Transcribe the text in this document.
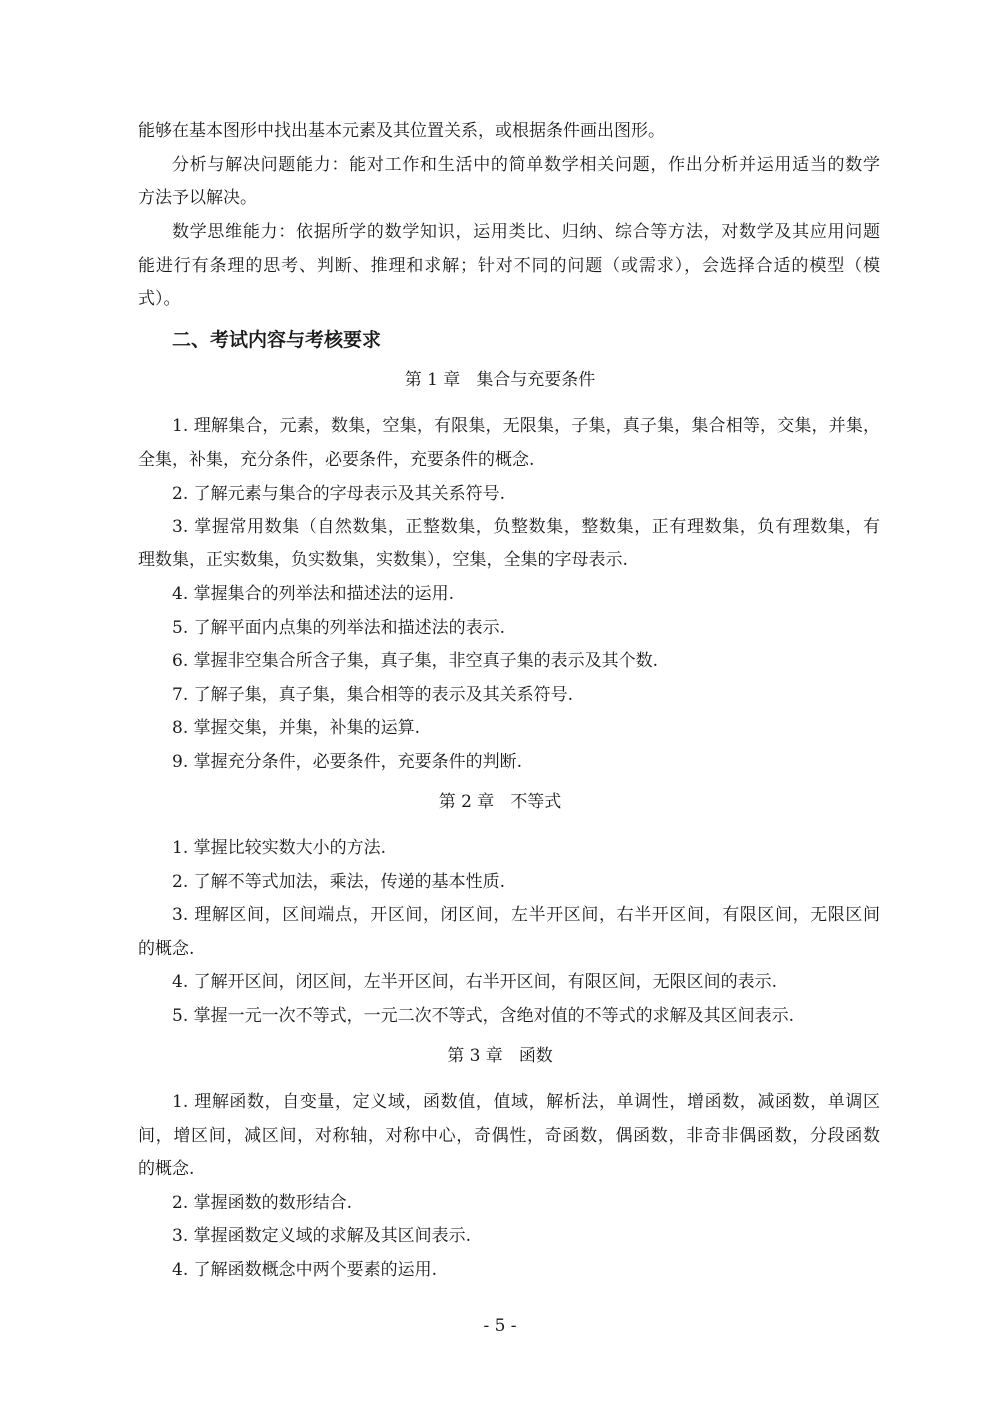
能够在基本图形中找出基本元素及其位置关系，或根据条件画出图形。
分析与解决问题能力：能对工作和生活中的简单数学相关问题，作出分析并运用适当的数学
方法予以解决。
数学思维能力：依据所学的数学知识，运用类比、归纳、综合等方法，对数学及其应用问题
能进行有条理的思考、判断、推理和求解；针对不同的问题（或需求），会选择合适的模型（模
式）。
二、考试内容与考核要求
第 1 章 集合与充要条件
1. 理解集合，元素，数集，空集，有限集，无限集，子集，真子集，集合相等，交集，并集，
全集，补集，充分条件，必要条件，充要条件的概念.
2. 了解元素与集合的字母表示及其关系符号.
3. 掌握常用数集（自然数集，正整数集，负整数集，整数集，正有理数集，负有理数集，有
理数集，正实数集，负实数集，实数集），空集，全集的字母表示.
4. 掌握集合的列举法和描述法的运用.
5. 了解平面内点集的列举法和描述法的表示.
6. 掌握非空集合所含子集，真子集，非空真子集的表示及其个数.
7. 了解子集，真子集，集合相等的表示及其关系符号.
8. 掌握交集，并集，补集的运算.
9. 掌握充分条件，必要条件，充要条件的判断.
第 2 章 不等式
1. 掌握比较实数大小的方法.
2. 了解不等式加法，乘法，传递的基本性质.
3. 理解区间，区间端点，开区间，闭区间，左半开区间，右半开区间，有限区间，无限区间
的概念.
4. 了解开区间，闭区间，左半开区间，右半开区间，有限区间，无限区间的表示.
5. 掌握一元一次不等式，一元二次不等式，含绝对值的不等式的求解及其区间表示.
第 3 章 函数
1. 理解函数，自变量，定义域，函数值，值域，解析法，单调性，增函数，减函数，单调区
间，增区间，减区间，对称轴，对称中心，奇偶性，奇函数，偶函数，非奇非偶函数，分段函数
的概念.
2. 掌握函数的数形结合.
3. 掌握函数定义域的求解及其区间表示.
4. 了解函数概念中两个要素的运用.
- 5 -
